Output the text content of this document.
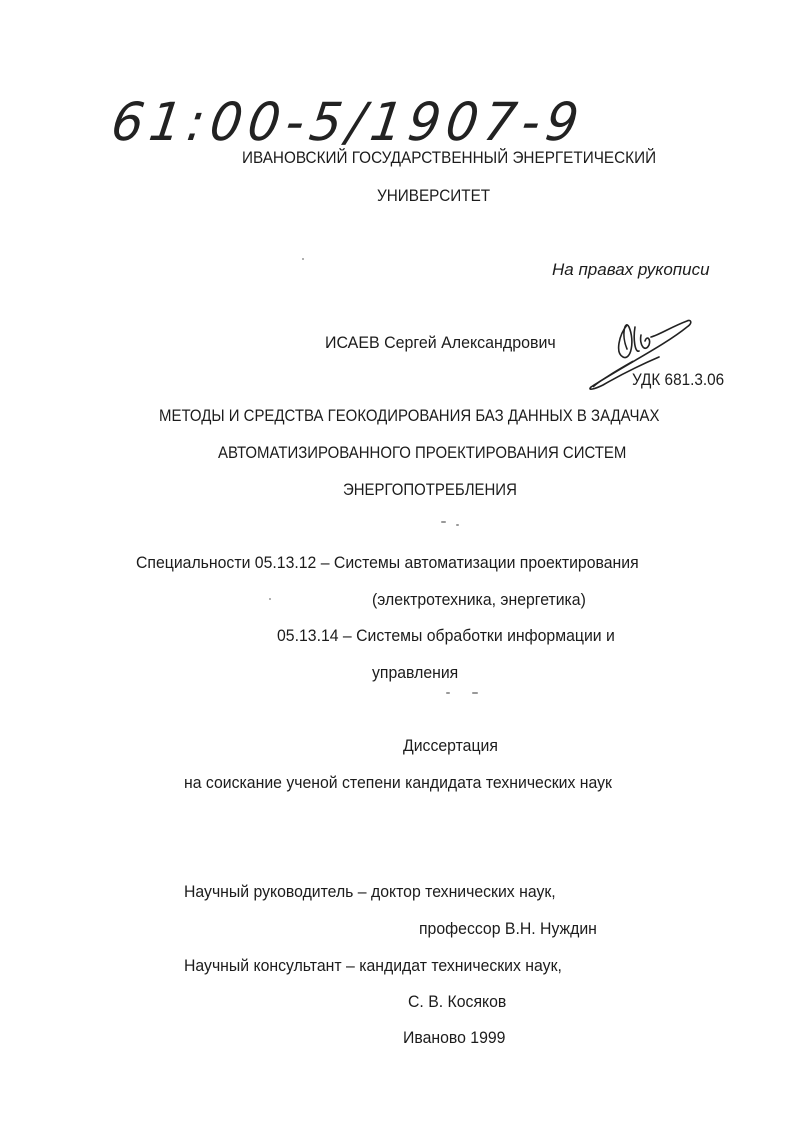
61:00-5/1907-9
ИВАНОВСКИЙ ГОСУДАРСТВЕННЫЙ ЭНЕРГЕТИЧЕСКИЙ
УНИВЕРСИТЕТ
На правах рукописи
ИСАЕВ Сергей Александрович
УДК 681.3.06
МЕТОДЫ И СРЕДСТВА ГЕОКОДИРОВАНИЯ БАЗ ДАННЫХ В ЗАДАЧАХ
АВТОМАТИЗИРОВАННОГО ПРОЕКТИРОВАНИЯ СИСТЕМ
ЭНЕРГОПОТРЕБЛЕНИЯ
Специальности 05.13.12 – Системы автоматизации проектирования
(электротехника, энергетика)
05.13.14 – Системы обработки информации и
управления
Диссертация
на соискание ученой степени кандидата технических наук
Научный руководитель – доктор технических наук,
профессор В.Н. Нуждин
Научный консультант – кандидат технических наук,
С. В. Косяков
Иваново 1999
